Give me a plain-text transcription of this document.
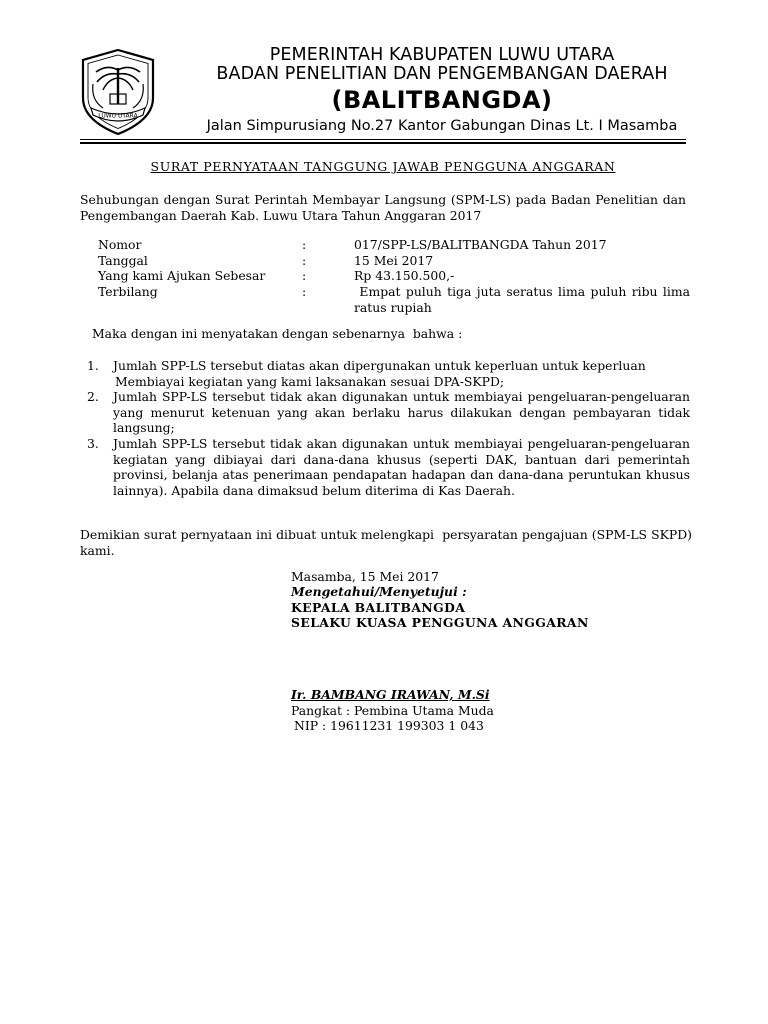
LUWU UTARA
PEMERINTAH KABUPATEN LUWU UTARA
BADAN PENELITIAN DAN PENGEMBANGAN DAERAH
(BALITBANGDA)
Jalan Simpurusiang No.27 Kantor Gabungan Dinas Lt. I Masamba
SURAT PERNYATAAN TANGGUNG JAWAB PENGGUNA ANGGARAN
Sehubungan dengan Surat Perintah Membayar Langsung (SPM-LS) pada Badan Penelitian dan Pengembangan Daerah Kab. Luwu Utara Tahun Anggaran 2017
Nomor	:	017/SPP-LS/BALITBANGDA Tahun 2017
Tanggal	:	15 Mei 2017
Yang kami Ajukan Sebesar	:	Rp 43.150.500,-
Terbilang	:	Empat puluh tiga juta seratus lima puluh ribu lima ratus rupiah
Maka dengan ini menyatakan dengan sebenarnya  bahwa :
1.	Jumlah SPP-LS tersebut diatas akan dipergunakan untuk keperluan untuk keperluan
Membiayai kegiatan yang kami laksanakan sesuai DPA-SKPD;
2.	Jumlah SPP-LS tersebut tidak akan digunakan untuk membiayai pengeluaran-pengeluaran yang menurut ketenuan yang akan berlaku harus dilakukan dengan pembayaran tidak langsung;
3.	Jumlah SPP-LS tersebut tidak akan digunakan untuk membiayai pengeluaran-pengeluaran kegiatan yang dibiayai dari dana-dana khusus (seperti DAK, bantuan dari pemerintah provinsi, belanja atas penerimaan pendapatan hadapan dan dana-dana peruntukan khusus lainnya). Apabila dana dimaksud belum diterima di Kas Daerah.
Demikian surat pernyataan ini dibuat untuk melengkapi  persyaratan pengajuan (SPM-LS SKPD) kami.
Masamba, 15 Mei 2017
Mengetahui/Menyetujui :
KEPALA BALITBANGDA
SELAKU KUASA PENGGUNA ANGGARAN
Ir. BAMBANG IRAWAN, M.Si
Pangkat : Pembina Utama Muda
NIP : 19611231 199303 1 043
